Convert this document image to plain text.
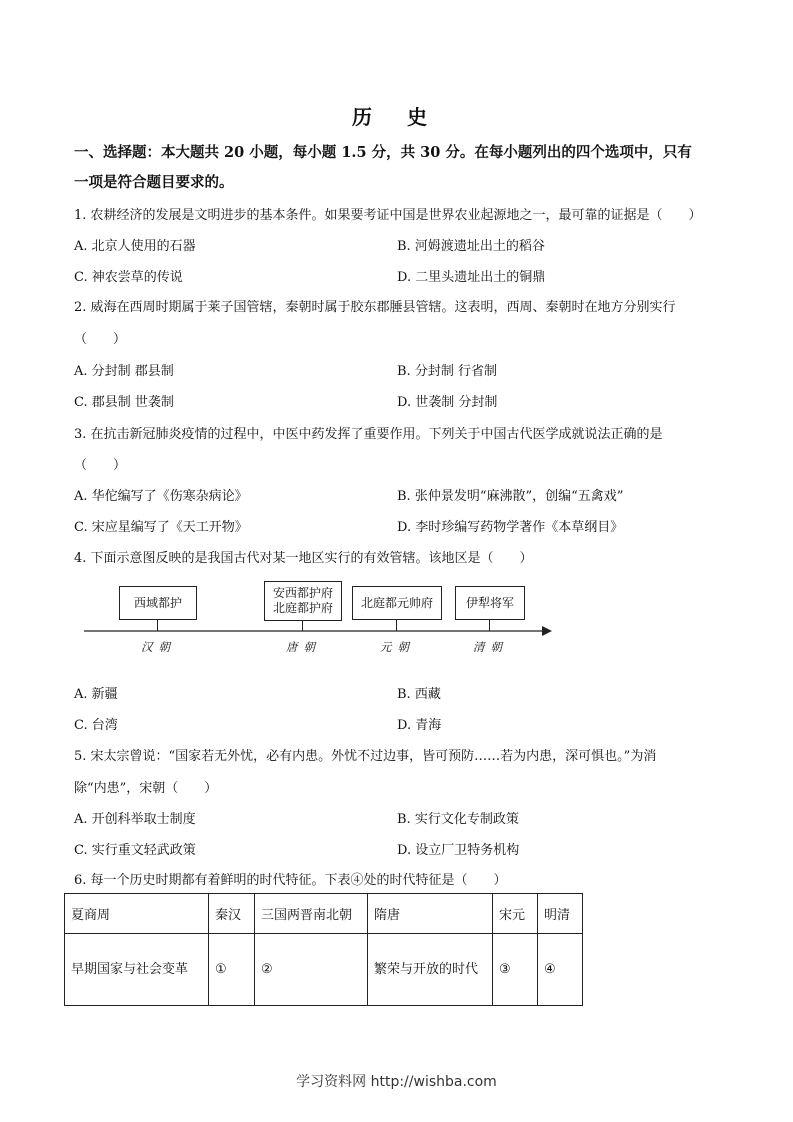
历 史
一、选择题：本大题共 20 小题，每小题 1.5 分，共 30 分。在每小题列出的四个选项中，只有
一项是符合题目要求的。
1. 农耕经济的发展是文明进步的基本条件。如果要考证中国是世界农业起源地之一，最可靠的证据是（　　）
A. 北京人使用的石器	B. 河姆渡遗址出土的稻谷
C. 神农尝草的传说	D. 二里头遗址出土的铜鼎
2. 威海在西周时期属于莱子国管辖，秦朝时属于胶东郡腄县管辖。这表明，西周、秦朝时在地方分别实行
（　　）
A. 分封制 郡县制	B. 分封制 行省制
C. 郡县制 世袭制	D. 世袭制 分封制
3. 在抗击新冠肺炎疫情的过程中，中医中药发挥了重要作用。下列关于中国古代医学成就说法正确的是
（　　）
A. 华佗编写了《伤寒杂病论》	B. 张仲景发明“麻沸散”，创编“五禽戏”
C. 宋应星编写了《天工开物》	D. 李时珍编写药物学著作《本草纲目》
4. 下面示意图反映的是我国古代对某一地区实行的有效管辖。该地区是（　　）
西域都护
安西都护府
北庭都护府 北庭都元帅府	伊犁将军
汉朝	唐朝	元朝	清朝
A. 新疆	B. 西藏
C. 台湾	D. 青海
5. 宋太宗曾说：“国家若无外忧，必有内患。外忧不过边事，皆可预防……若为内患，深可惧也。”为消
除“内患”，宋朝（　　）
A. 开创科举取士制度	B. 实行文化专制政策
C. 实行重文轻武政策	D. 设立厂卫特务机构
6. 每一个历史时期都有着鲜明的时代特征。下表④处的时代特征是（　　）
夏商周	秦汉	三国两晋南北朝	隋唐	宋元	明清
早期国家与社会变革	①	②	繁荣与开放的时代	③	④
学习资料网 http://wishba.com
